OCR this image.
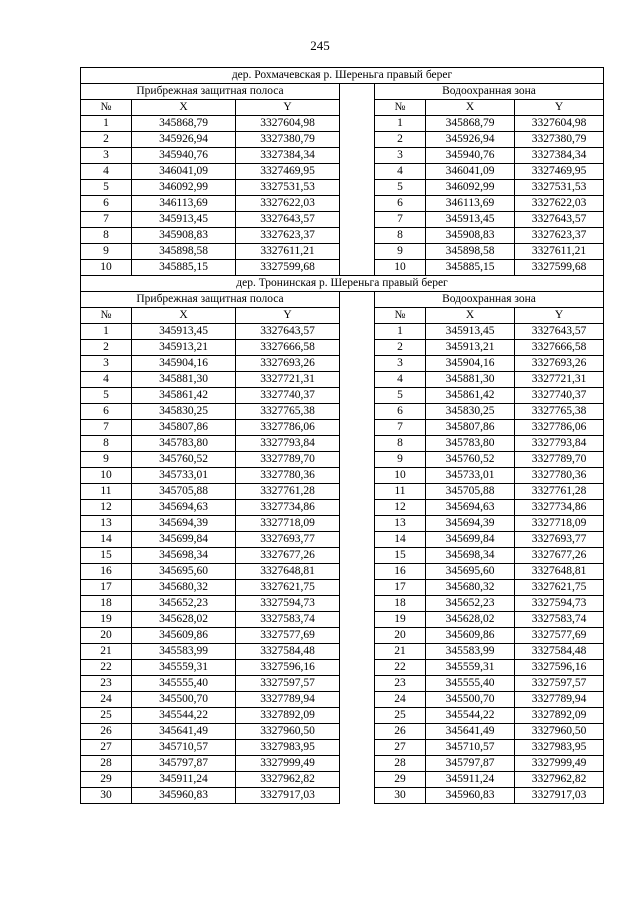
245
дер. Рохмачевская р. Шереньга правый берег						
Прибрежная защитная полоса				Водоохранная зона		
№	X	Y		№	X	Y
1	345868,79	3327604,98		1	345868,79	3327604,98
2	345926,94	3327380,79		2	345926,94	3327380,79
3	345940,76	3327384,34		3	345940,76	3327384,34
4	346041,09	3327469,95		4	346041,09	3327469,95
5	346092,99	3327531,53		5	346092,99	3327531,53
6	346113,69	3327622,03		6	346113,69	3327622,03
7	345913,45	3327643,57		7	345913,45	3327643,57
8	345908,83	3327623,37		8	345908,83	3327623,37
9	345898,58	3327611,21		9	345898,58	3327611,21
10	345885,15	3327599,68		10	345885,15	3327599,68
дер. Тронинская р. Шереньга правый берег						
Прибрежная защитная полоса				Водоохранная зона		
№	X	Y		№	X	Y
1	345913,45	3327643,57		1	345913,45	3327643,57
2	345913,21	3327666,58		2	345913,21	3327666,58
3	345904,16	3327693,26		3	345904,16	3327693,26
4	345881,30	3327721,31		4	345881,30	3327721,31
5	345861,42	3327740,37		5	345861,42	3327740,37
6	345830,25	3327765,38		6	345830,25	3327765,38
7	345807,86	3327786,06		7	345807,86	3327786,06
8	345783,80	3327793,84		8	345783,80	3327793,84
9	345760,52	3327789,70		9	345760,52	3327789,70
10	345733,01	3327780,36		10	345733,01	3327780,36
11	345705,88	3327761,28		11	345705,88	3327761,28
12	345694,63	3327734,86		12	345694,63	3327734,86
13	345694,39	3327718,09		13	345694,39	3327718,09
14	345699,84	3327693,77		14	345699,84	3327693,77
15	345698,34	3327677,26		15	345698,34	3327677,26
16	345695,60	3327648,81		16	345695,60	3327648,81
17	345680,32	3327621,75		17	345680,32	3327621,75
18	345652,23	3327594,73		18	345652,23	3327594,73
19	345628,02	3327583,74		19	345628,02	3327583,74
20	345609,86	3327577,69		20	345609,86	3327577,69
21	345583,99	3327584,48		21	345583,99	3327584,48
22	345559,31	3327596,16		22	345559,31	3327596,16
23	345555,40	3327597,57		23	345555,40	3327597,57
24	345500,70	3327789,94		24	345500,70	3327789,94
25	345544,22	3327892,09		25	345544,22	3327892,09
26	345641,49	3327960,50		26	345641,49	3327960,50
27	345710,57	3327983,95		27	345710,57	3327983,95
28	345797,87	3327999,49		28	345797,87	3327999,49
29	345911,24	3327962,82		29	345911,24	3327962,82
30	345960,83	3327917,03		30	345960,83	3327917,03
